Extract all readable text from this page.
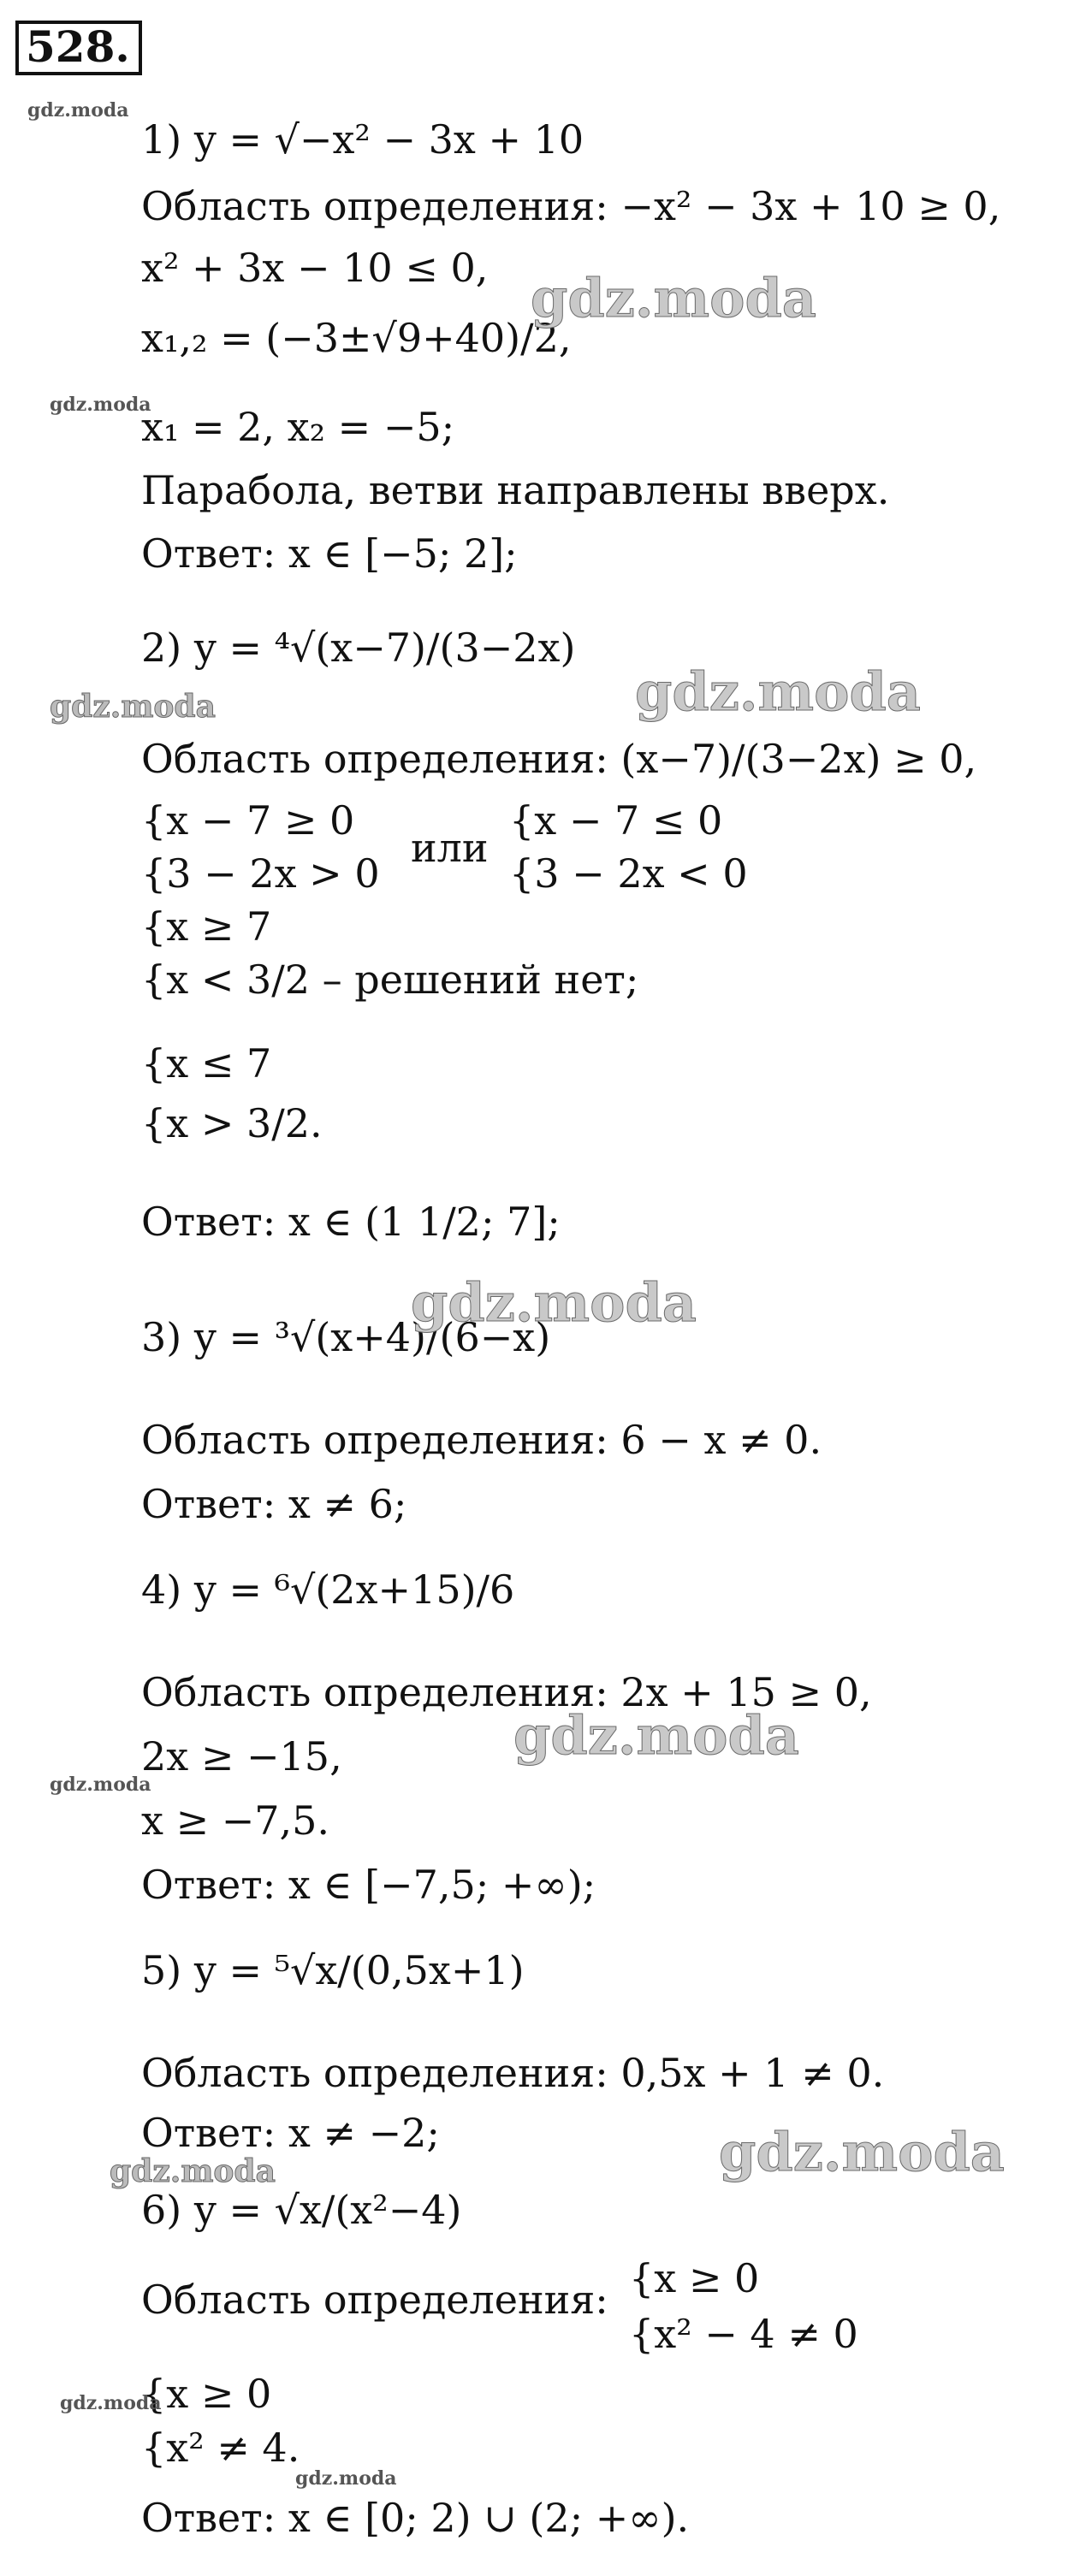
528.
1) y = √−x² − 3x + 10
Область определения: −x² − 3x + 10 ≥ 0,
x² + 3x − 10 ≤ 0,
x₁,₂ = (−3±√9+40)/2,
x₁ = 2, x₂ = −5;
Парабола, ветви направлены вверх.
Ответ: x ∈ [−5; 2];
2) y = ⁴√(x−7)/(3−2x)
Область определения: (x−7)/(3−2x) ≥ 0,
{x − 7 ≥ 0
{3 − 2x > 0
или
{x − 7 ≤ 0
{3 − 2x < 0
{x ≥ 7
{x < 3/2 – решений нет;
{x ≤ 7
{x > 3/2.
Ответ: x ∈ (1 1/2; 7];
3) y = ³√(x+4)/(6−x)
Область определения: 6 − x ≠ 0.
Ответ: x ≠ 6;
4) y = ⁶√(2x+15)/6
Область определения: 2x + 15 ≥ 0,
2x ≥ −15,
x ≥ −7,5.
Ответ: x ∈ [−7,5; +∞);
5) y = ⁵√x/(0,5x+1)
Область определения: 0,5x + 1 ≠ 0.
Ответ: x ≠ −2;
6) y = √x/(x²−4)
Область определения: {x ≥ 0
{x² − 4 ≠ 0
{x ≥ 0
{x² ≠ 4.
Ответ: x ∈ [0; 2) ∪ (2; +∞).
gdz.moda
gdz.moda
gdz.moda
gdz.moda
gdz.moda
gdz.moda
gdz.moda
gdz.moda
gdz.moda
gdz.moda
gdz.moda
gdz.moda
